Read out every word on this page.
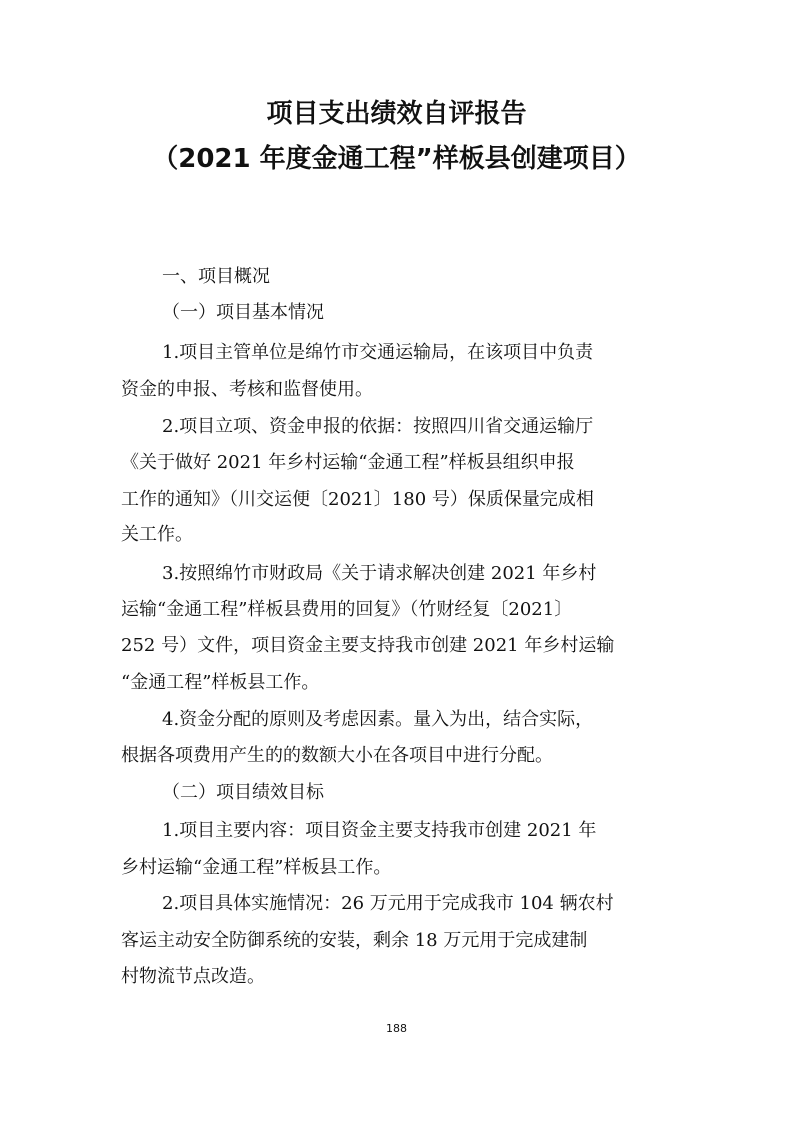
项目支出绩效自评报告
（2021 年度金通工程”样板县创建项目）
一、项目概况
（一）项目基本情况
1.项目主管单位是绵竹市交通运输局，在该项目中负责
资金的申报、考核和监督使用。
2.项目立项、资金申报的依据：按照四川省交通运输厅
《关于做好 2021 年乡村运输“金通工程”样板县组织申报
工作的通知》（川交运便〔2021〕180 号）保质保量完成相
关工作。
3.按照绵竹市财政局《关于请求解决创建 2021 年乡村
运输“金通工程”样板县费用的回复》（竹财经复〔2021〕
252 号）文件，项目资金主要支持我市创建 2021 年乡村运输
“金通工程”样板县工作。
4.资金分配的原则及考虑因素。量入为出，结合实际，
根据各项费用产生的的数额大小在各项目中进行分配。
（二）项目绩效目标
1.项目主要内容：项目资金主要支持我市创建 2021 年
乡村运输“金通工程”样板县工作。
2.项目具体实施情况：26 万元用于完成我市 104 辆农村
客运主动安全防御系统的安装，剩余 18 万元用于完成建制
村物流节点改造。
188
